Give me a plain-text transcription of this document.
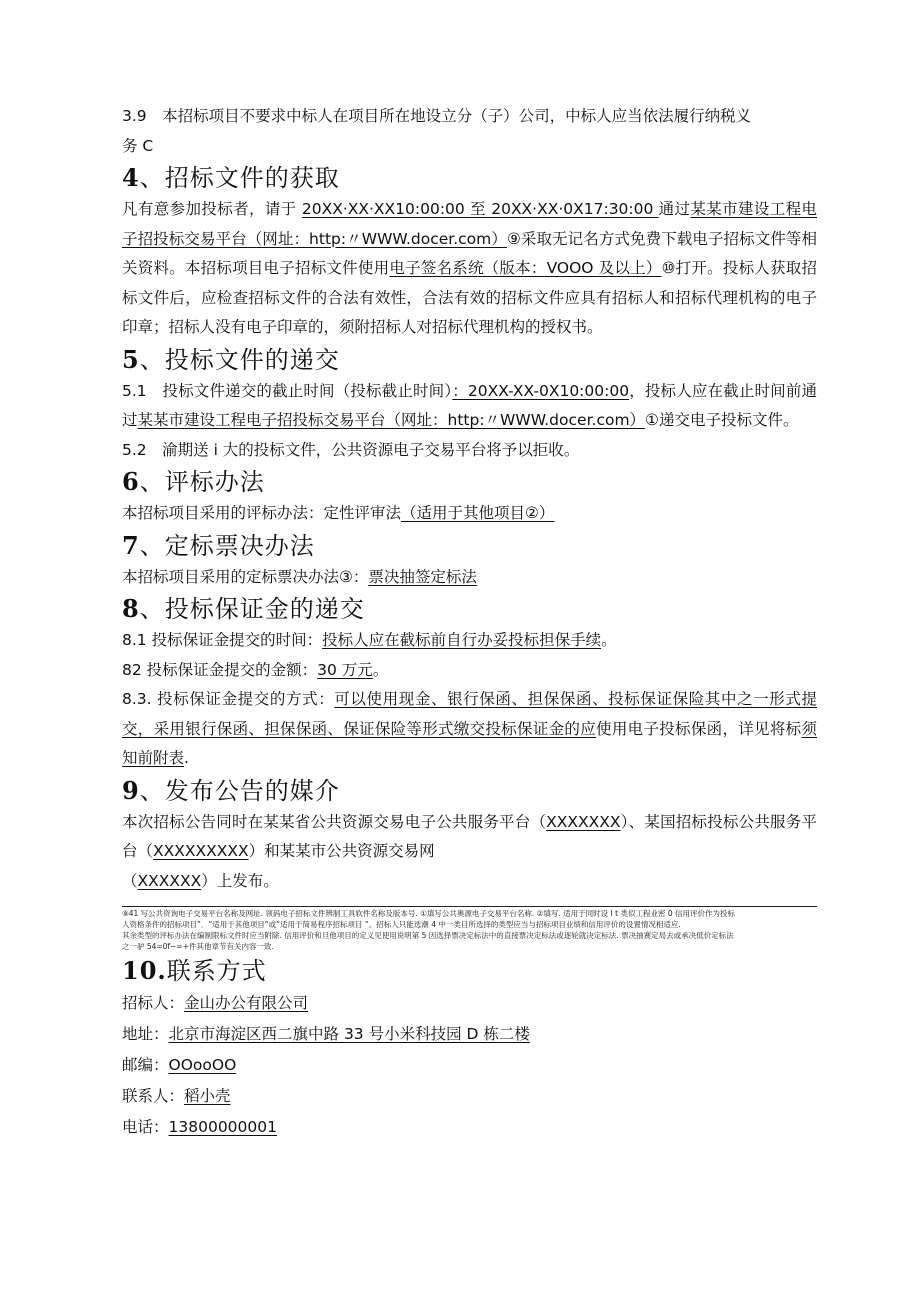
3.9　本招标项目不要求中标人在项目所在地设立分（子）公司，中标人应当依法履行纳税义
务 C

4、招标文件的获取

凡有意参加投标者，请于 20XX·XX·XX10:00:00 至 20XX·XX·0X17:30:00 通过某某市建设工程电子招投标交易平台（网址：http:〃WWW.docer.com）⑨采取无记名方式免费下载电子招标文件等相关资料。本招标项目电子招标文件使用电子签名系统（版本：VOOO 及以上）⑩打开。投标人获取招标文件后，应检查招标文件的合法有效性，合法有效的招标文件应具有招标人和招标代理机构的电子印章；招标人没有电子印章的，须附招标人对招标代理机构的授权书。

5、投标文件的递交

5.1　投标文件递交的截止时间（投标截止时间）：20XX-XX-0X10:00:00，投标人应在截止时间前通过某某市建设工程电子招投标交易平台（网址：http:〃WWW.docer.com）①递交电子投标文件。

5.2　渝期送 i 大的投标文件，公共资源电子交易平台将予以拒收。

6、评标办法

本招标项目采用的评标办法：定性评审法（适用于其他项目②）

7、定标票决办法

本招标项目采用的定标票决办法③：票决抽签定标法

8、投标保证金的递交

8.1 投标保证金提交的时间：投标人应在截标前自行办妥投标担保手续。

82 投标保证金提交的金额：30 万元。

8.3. 投标保证金提交的方式：可以使用现金、银行保函、担保保函、投标保证保险其中之一形式提交，采用银行保函、担保保函、保证保险等形式缴交投标保证金的应使用电子投标保函，详见将标须知前附表.

9、发布公告的媒介

本次招标公告同时在某某省公共资源交易电子公共服务平台（XXXXXXX）、某国招标投标公共服务平台（XXXXXXXXX）和某某市公共资源交易网

（XXXXXX）上发布。

⑨41 写公共资询电子交易平台名称及网址. 领码电子招标文件辨制工具软件名称及版本号. ①填写公共奥源电子交易平台名称. ②填写. 适用于同时设 I t 类似工程业密 0 信用评价作为投标

人资格条件的招标项目”．“适用于其他项目”或“适用于简易程序招标项目 ”。招标人只能选潮 4 中一类目所选择的类型应当与招标项目业绩和信用评价的设置情况相适应.

其余类型的评标办法在编制限标文件时应当附除. 信用评价和旦他项目的定义见使用说明第 5 因选择票决定标法中的直接票决定标法或逐轮就决定标法. 票决抽赛定局去或承决低价定标法

之一驴 54=0f~=+件其他章节有关内容一致.

10.联系方式

招标人：金山办公有限公司

地址：北京市海淀区西二旗中路 33 号小米科技园 D 栋二楼

邮编：OOooOO

联系人：稻小壳

电话：13800000001
